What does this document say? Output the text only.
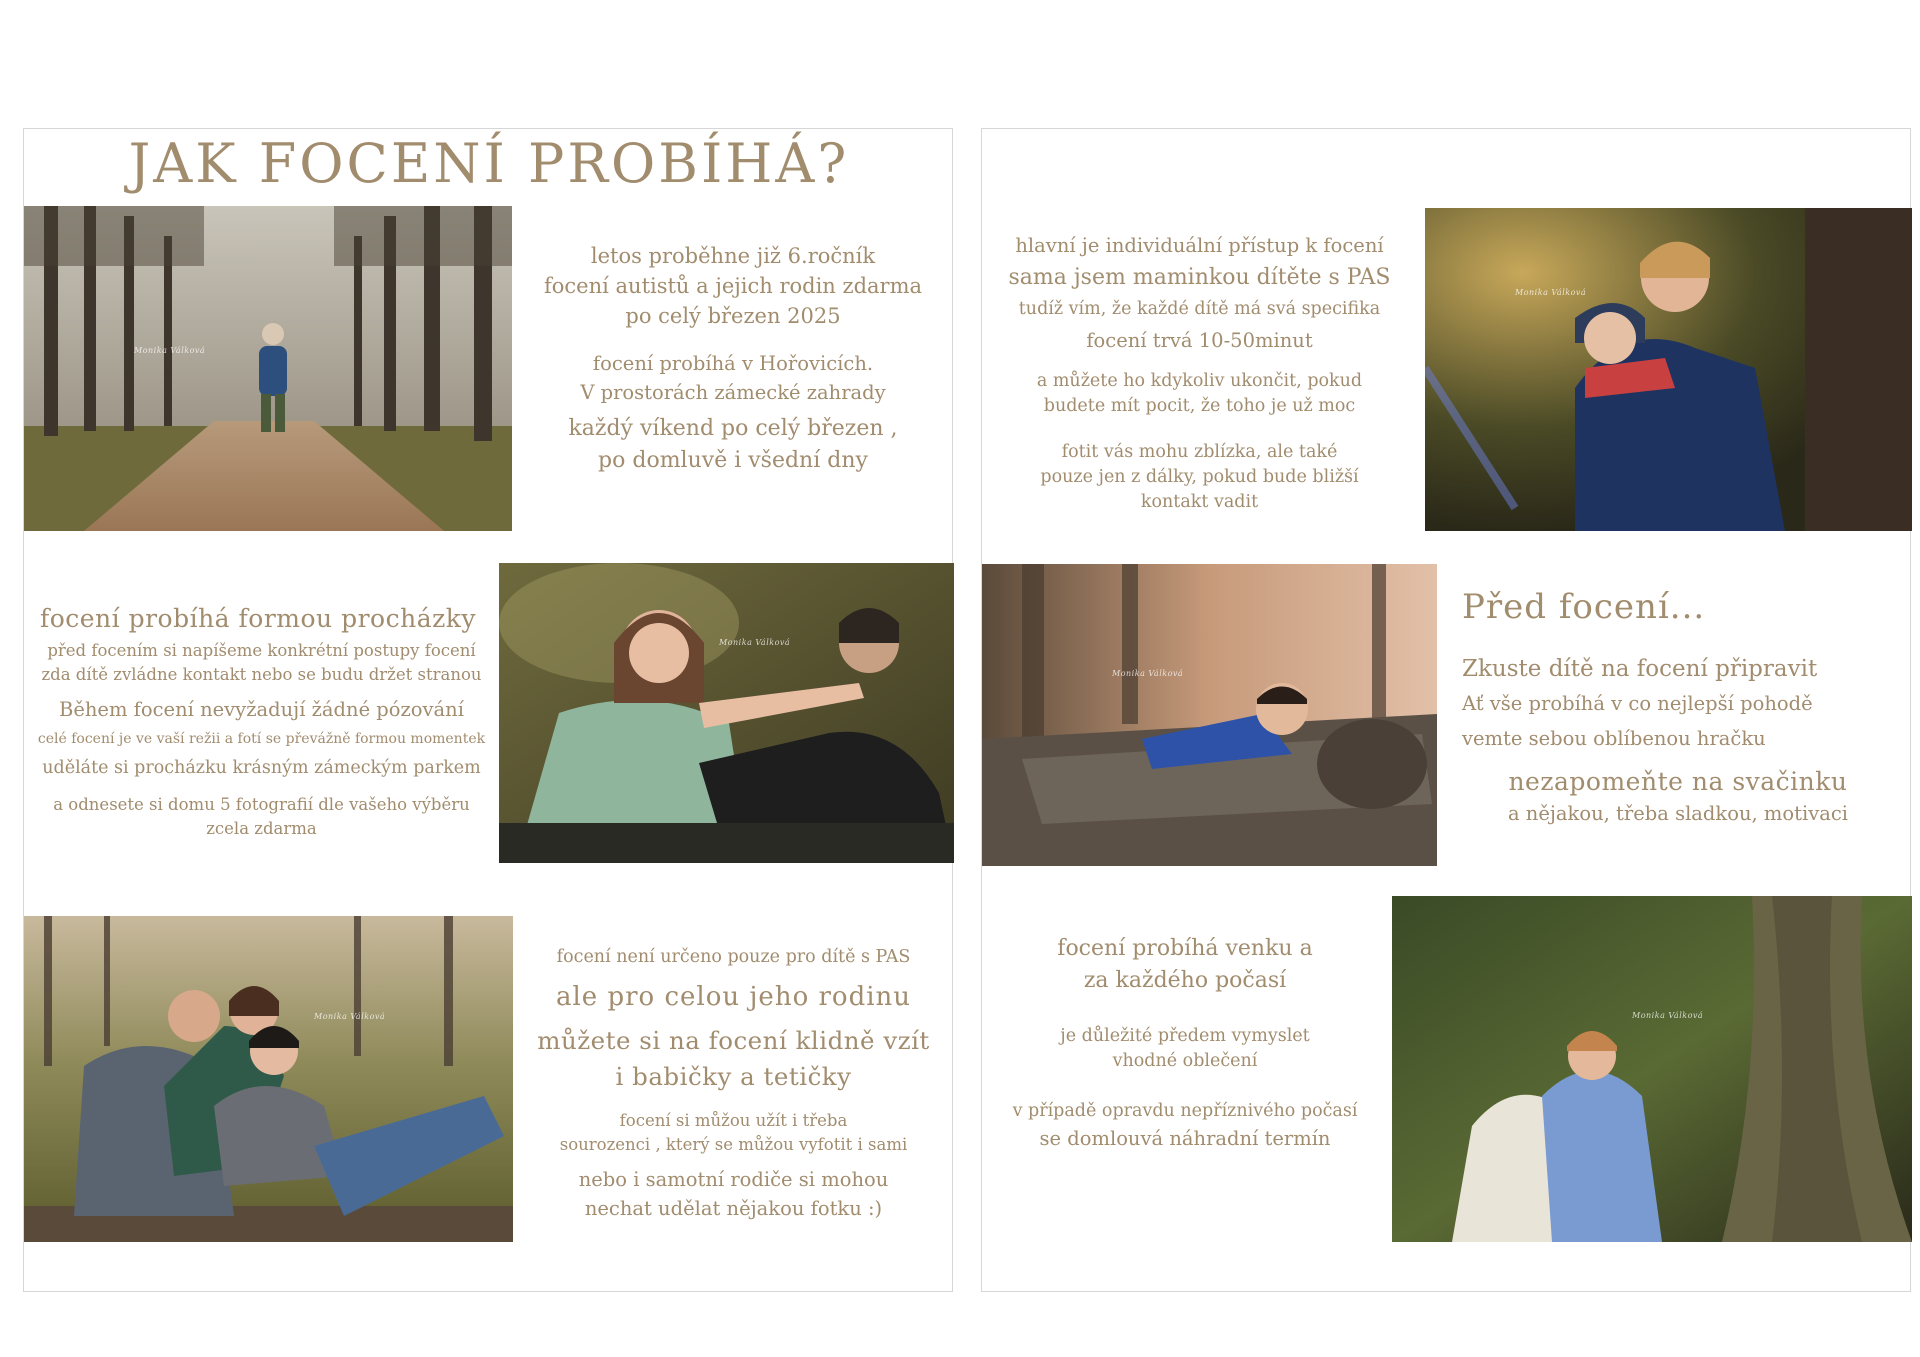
JAK FOCENÍ PROBÍHÁ?
Monika Válková
letos proběhne již 6.ročník
focení autistů a jejich rodin zdarma
po celý březen 2025
focení probíhá v Hořovicích.
V prostorách zámecké zahrady
každý víkend po celý březen ,
po domluvě i všední dny
Monika Válková
focení probíhá formou procházky
před focením si napíšeme konkrétní postupy focení
zda dítě zvládne kontakt nebo se budu držet stranou
Během focení nevyžadují žádné pózování
celé focení je ve vaší režii a fotí se převážně formou momentek
uděláte si procházku krásným zámeckým parkem
a odnesete si domu 5 fotografií dle vašeho výběru
zcela zdarma
Monika Válková
focení není určeno pouze pro dítě s PAS
ale pro celou jeho rodinu
můžete si na focení klidně vzít
i babičky a tetičky
focení si můžou užít i třeba
sourozenci , který se můžou vyfotit i sami
nebo i samotní rodiče si mohou
nechat udělat nějakou fotku :)
hlavní je individuální přístup k focení
sama jsem maminkou dítěte s PAS
tudíž vím, že každé dítě má svá specifika
focení trvá 10-50minut
a můžete ho kdykoliv ukončit, pokud
budete mít pocit, že toho je už moc
fotit vás mohu zblízka, ale také
pouze jen z dálky, pokud bude bližší
kontakt vadit
Monika Válková
Monika Válková
Před focení...
Zkuste dítě na focení připravit
Ať vše probíhá v co nejlepší pohodě
vemte sebou oblíbenou hračku
nezapomeňte na svačinku
a nějakou, třeba sladkou, motivaci
focení probíhá venku a
za každého počasí
je důležité předem vymyslet
vhodné oblečení
v případě opravdu nepříznivého počasí
se domlouvá náhradní termín
Monika Válková
